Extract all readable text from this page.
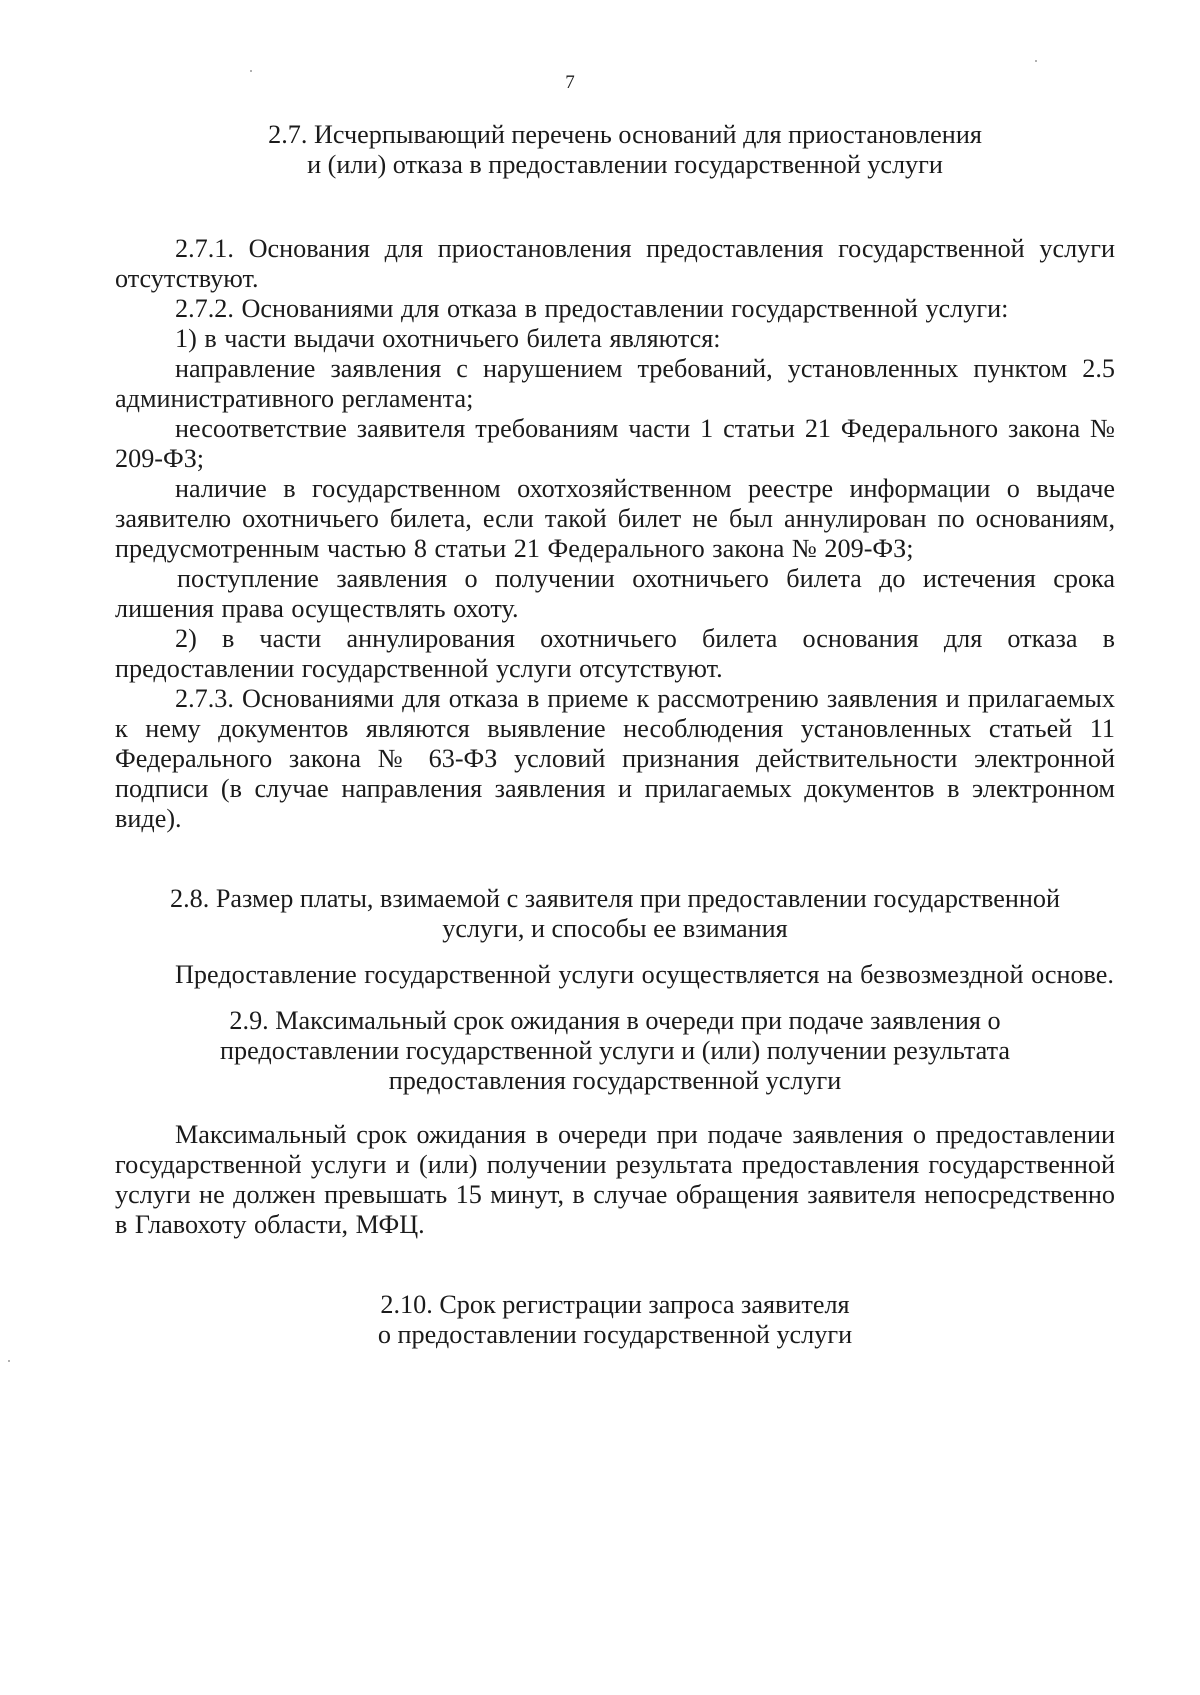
7
2.7. Исчерпывающий перечень оснований для приостановления
и (или) отказа в предоставлении государственной услуги

2.7.1. Основания для приостановления предоставления государственной услуги отсутствуют.

2.7.2. Основаниями для отказа в предоставлении государственной услуги:

1) в части выдачи охотничьего билета являются:

направление заявления с нарушением требований, установленных пунктом 2.5 административного регламента;

несоответствие заявителя требованиям части 1 статьи 21 Федерального закона № 209-ФЗ;

наличие в государственном охотхозяйственном реестре информации о выдаче заявителю охотничьего билета, если такой билет не был аннулирован по основаниям, предусмотренным частью 8 статьи 21 Федерального закона № 209-ФЗ;

поступление заявления о получении охотничьего билета до истечения срока лишения права осуществлять охоту.

2) в части аннулирования охотничьего билета основания для отказа в предоставлении государственной услуги отсутствуют.

2.7.3. Основаниями для отказа в приеме к рассмотрению заявления и прилагаемых к нему документов являются выявление несоблюдения установленных статьей 11 Федерального закона № 63-ФЗ условий признания действительности электронной подписи (в случае направления заявления и прилагаемых документов в электронном виде).

2.8. Размер платы, взимаемой с заявителя при предоставлении государственной
услуги, и способы ее взимания

Предоставление государственной услуги осуществляется на безвозмездной основе.

2.9. Максимальный срок ожидания в очереди при подаче заявления о
предоставлении государственной услуги и (или) получении результата
предоставления государственной услуги

Максимальный срок ожидания в очереди при подаче заявления о предоставлении государственной услуги и (или) получении результата предоставления государственной услуги не должен превышать 15 минут, в случае обращения заявителя непосредственно в Главохоту области, МФЦ.

2.10. Срок регистрации запроса заявителя
о предоставлении государственной услуги
